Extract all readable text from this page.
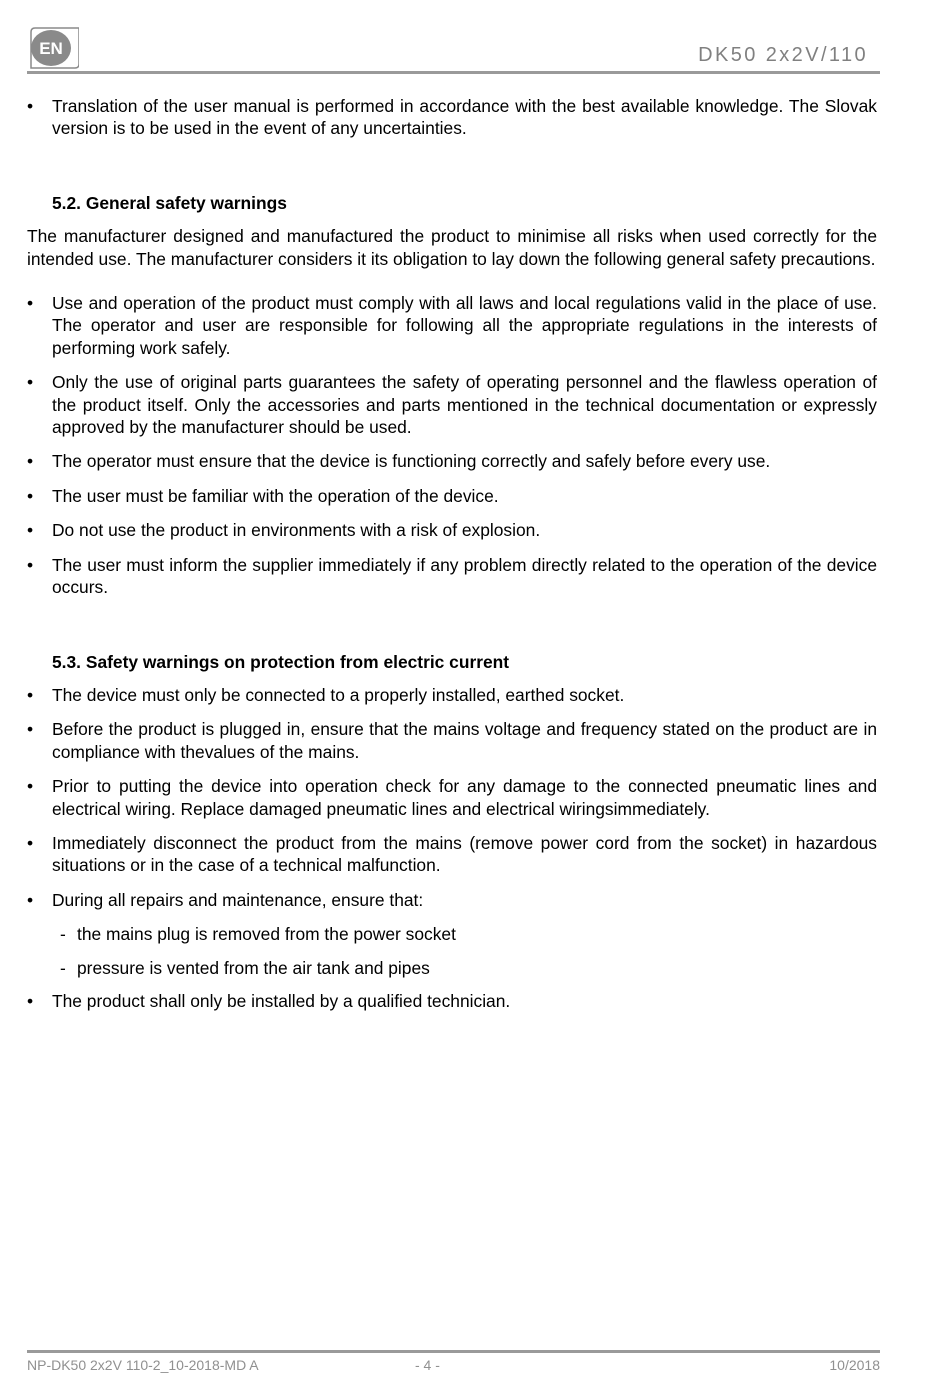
EN	DK50 2x2V/110

• Translation of the user manual is performed in accordance with the best available knowledge. The Slovak version is to be used in the event of any uncertainties.

5.2. General safety warnings

The manufacturer designed and manufactured the product to minimise all risks when used correctly for the intended use. The manufacturer considers it its obligation to lay down the following general safety precautions.

• Use and operation of the product must comply with all laws and local regulations valid in the place of use. The operator and user are responsible for following all the appropriate regulations in the interests of performing work safely.

• Only the use of original parts guarantees the safety of operating personnel and the flawless operation of the product itself. Only the accessories and parts mentioned in the technical documentation or expressly approved by the manufacturer should be used.

• The operator must ensure that the device is functioning correctly and safely before every use.

• The user must be familiar with the operation of the device.

• Do not use the product in environments with a risk of explosion.

• The user must inform the supplier immediately if any problem directly related to the operation of the device occurs.

5.3. Safety warnings on protection from electric current

• The device must only be connected to a properly installed, earthed socket.

• Before the product is plugged in, ensure that the mains voltage and frequency stated on the product are in compliance with thevalues of the mains.

• Prior to putting the device into operation check for any damage to the connected pneumatic lines and electrical wiring. Replace damaged pneumatic lines and electrical wiringsimmediately.

• Immediately disconnect the product from the mains (remove power cord from the socket) in hazardous situations or in the case of a technical malfunction.

• During all repairs and maintenance, ensure that:

- the mains plug is removed from the power socket

- pressure is vented from the air tank and pipes

• The product shall only be installed by a qualified technician.

NP-DK50 2x2V 110-2_10-2018-MD A	- 4 -	10/2018
